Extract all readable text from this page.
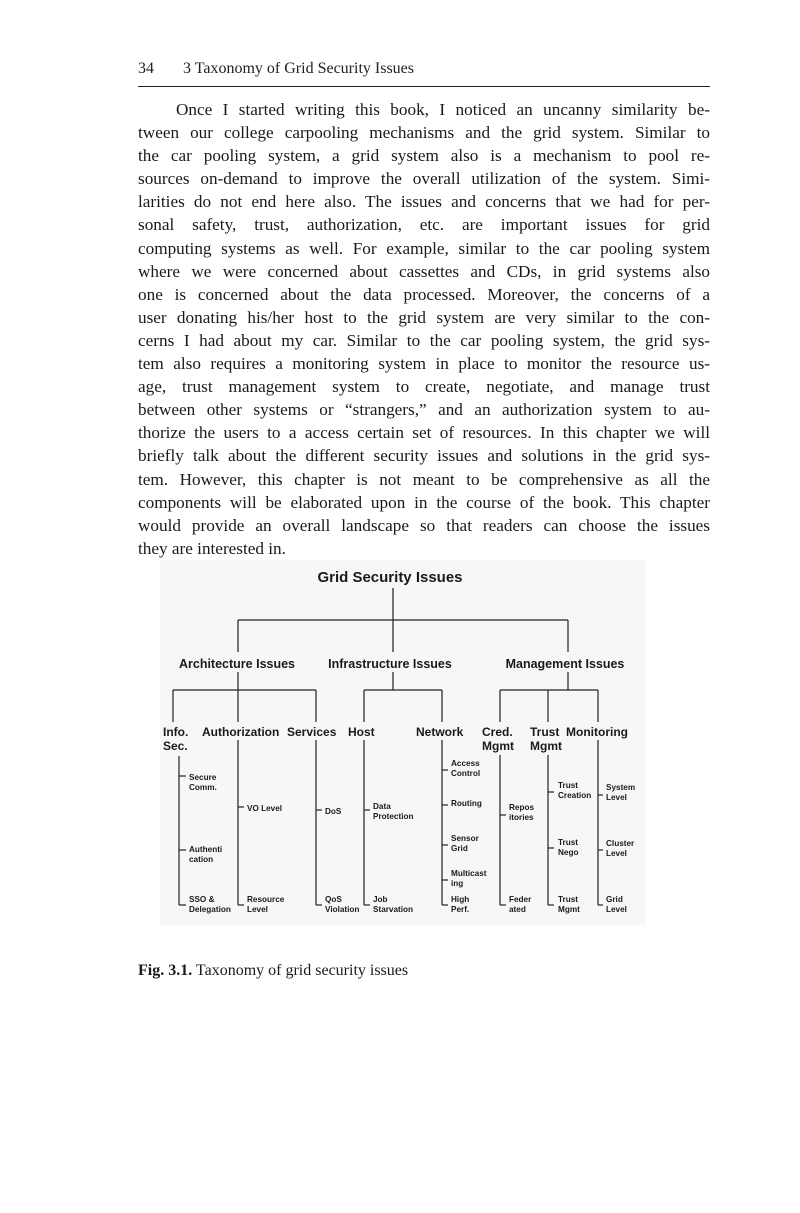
34 3 Taxonomy of Grid Security Issues
Once I started writing this book, I noticed an uncanny similarity be-
tween our college carpooling mechanisms and the grid system. Similar to
the car pooling system, a grid system also is a mechanism to pool re-
sources on-demand to improve the overall utilization of the system. Simi-
larities do not end here also. The issues and concerns that we had for per-
sonal safety, trust, authorization, etc. are important issues for grid
computing systems as well. For example, similar to the car pooling system
where we were concerned about cassettes and CDs, in grid systems also
one is concerned about the data processed. Moreover, the concerns of a
user donating his/her host to the grid system are very similar to the con-
cerns I had about my car. Similar to the car pooling system, the grid sys-
tem also requires a monitoring system in place to monitor the resource us-
age, trust management system to create, negotiate, and manage trust
between other systems or “strangers,” and an authorization system to au-
thorize the users to a access certain set of resources. In this chapter we will
briefly talk about the different security issues and solutions in the grid sys-
tem. However, this chapter is not meant to be comprehensive as all the
components will be elaborated upon in the course of the book. This chapter
would provide an overall landscape so that readers can choose the issues
they are interested in.
Grid Security Issues
Architecture Issues	Infrastructure Issues	Management Issues
Info.
Sec.
Authorization Services Host	Network Cred.
Mgmt
Trust
Mgmt
Monitoring
Secure
Comm.
Authenti
cation
SSO &
Delegation
VO Level
Resource
Level
DoS
QoS
Violation
Data
Protection
Job
Starvation
Access
Control
Routing
Sensor
Grid
Multicast
ing
High
Perf.
Repos
itories
Feder
ated
Trust
Creation
Trust
Nego
Trust
Mgmt
System
Level
Cluster
Level
Grid
Level
Fig. 3.1. Taxonomy of grid security issues
